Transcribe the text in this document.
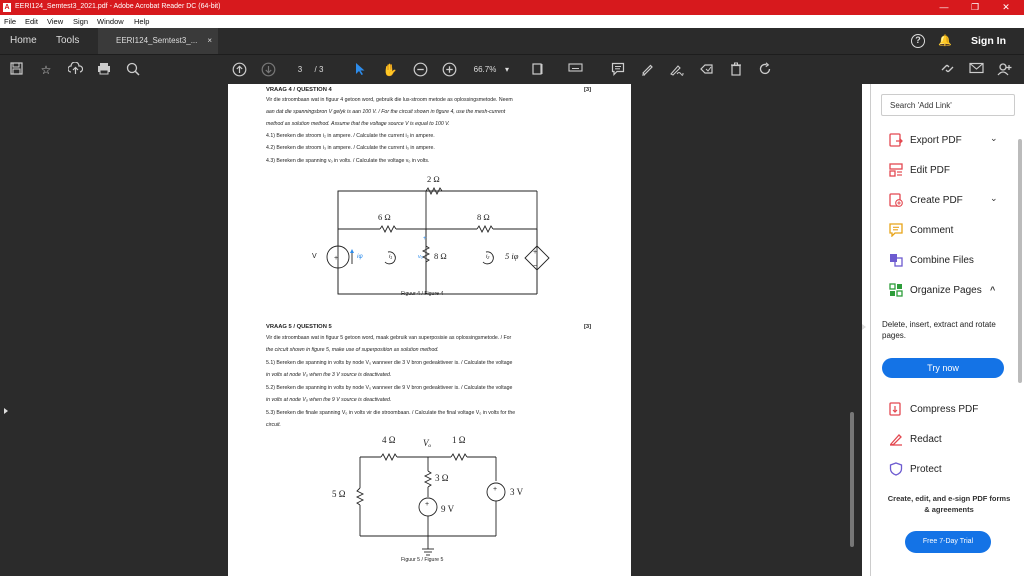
A EERI124_Semtest3_2021.pdf - Adobe Acrobat Reader DC (64-bit)	—	❐	✕
File Edit View Sign Window Help
Home Tools	EERI124_Semtest3_... ×	?	🔔 Sign In
☆	3	/ 3	✋	66.7% ▾
VRAAG 4 / QUESTION 4	[3]
Vir die stroombaan wat in figuur 4 getoon word, gebruik die lus-stroom metode as oplossingsmetode. Neem
aan dat die spanningsbron V gelyk is aan 100 V. / For the circuit shown in figure 4, use the mesh-current
method as solution method. Assume that the voltage source V is equal to 100 V.
4.1) Bereken die stroom i₂ in ampere. / Calculate the current i₂ in ampere.
4.2) Bereken die stroom i₃ in ampere. / Calculate the current i₃ in ampere.
4.3) Bereken die spanning vₒ in volts. / Calculate the voltage vₒ in volts.
+
+
−
+
2 Ω
6 Ω	8 Ω
8 Ω
V	iφ	i₁	vₒ	i₂ 5 iφ
Figuur 4 / Figure 4
VRAAG 5 / QUESTION 5	[3]
Vir die stroombaan wat in figuur 5 getoon word, maak gebruik van superposisie as oplossingsmetode. / For
the circuit shown in figure 5, make use of superposition as solution method.
5.1) Bereken die spanning in volts by node V₀ wanneer die 3 V bron gedeaktiveer is. / Calculate the voltage
in volts at node V₀ when the 3 V source is deactivated.
5.2) Bereken die spanning in volts by node V₀ wanneer die 9 V bron gedeaktiveer is. / Calculate the voltage
in volts at node V₀ when the 9 V source is deactivated.
5.3) Bereken die finale spanning V₀ in volts vir die stroombaan. / Calculate the final voltage V₀ in volts for the
circuit.
+
+
4 Ω	Vₒ 1 Ω
3 Ω
5 Ω	3 V
9 V
Figuur 5 / Figure 5
Search 'Add Link'
Export PDF	⌄
Edit PDF
Create PDF	⌄
Comment
Combine Files
Organize Pages ^
Delete, insert, extract and rotate pages.
Try now
Compress PDF
Redact
Protect
Create, edit, and e-sign PDF forms & agreements
Free 7-Day Trial
